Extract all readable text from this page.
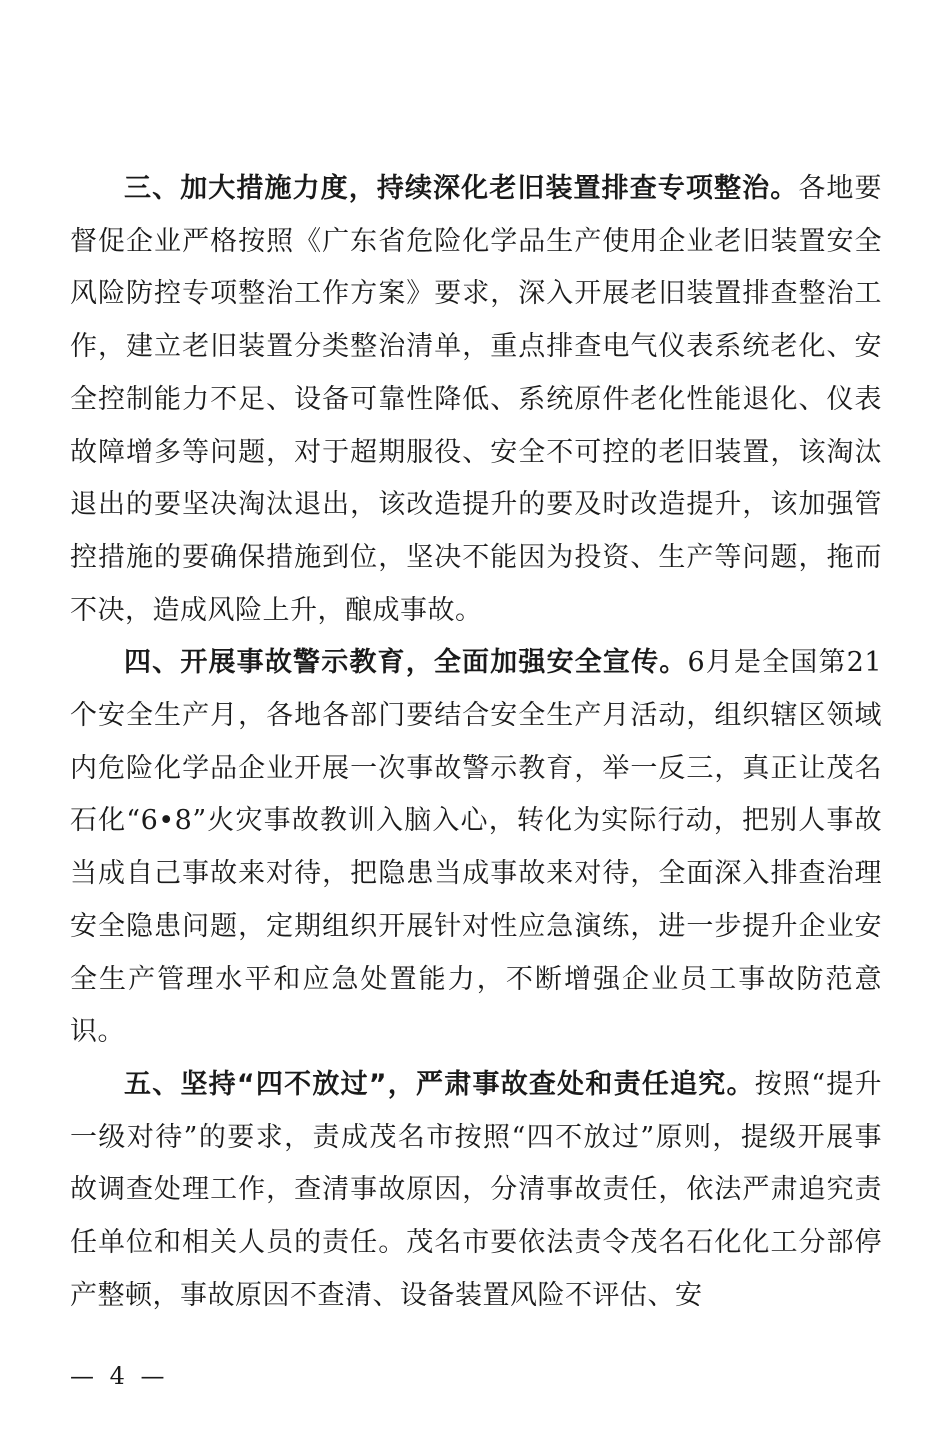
三、加大措施力度，持续深化老旧装置排查专项整治。各地要督促企业严格按照《广东省危险化学品生产使用企业老旧装置安全风险防控专项整治工作方案》要求，深入开展老旧装置排查整治工作，建立老旧装置分类整治清单，重点排查电气仪表系统老化、安全控制能力不足、设备可靠性降低、系统原件老化性能退化、仪表故障增多等问题，对于超期服役、安全不可控的老旧装置，该淘汰退出的要坚决淘汰退出，该改造提升的要及时改造提升，该加强管控措施的要确保措施到位，坚决不能因为投资、生产等问题，拖而不决，造成风险上升，酿成事故。

四、开展事故警示教育，全面加强安全宣传。6月是全国第21个安全生产月，各地各部门要结合安全生产月活动，组织辖区领域内危险化学品企业开展一次事故警示教育，举一反三，真正让茂名石化“6•8”火灾事故教训入脑入心，转化为实际行动，把别人事故当成自己事故来对待，把隐患当成事故来对待，全面深入排查治理安全隐患问题，定期组织开展针对性应急演练，进一步提升企业安全生产管理水平和应急处置能力，不断增强企业员工事故防范意识。

五、坚持“四不放过”，严肃事故查处和责任追究。按照“提升一级对待”的要求，责成茂名市按照“四不放过”原则，提级开展事故调查处理工作，查清事故原因，分清事故责任，依法严肃追究责任单位和相关人员的责任。茂名市要依法责令茂名石化化工分部停产整顿，事故原因不查清、设备装置风险不评估、安

— 4 —
